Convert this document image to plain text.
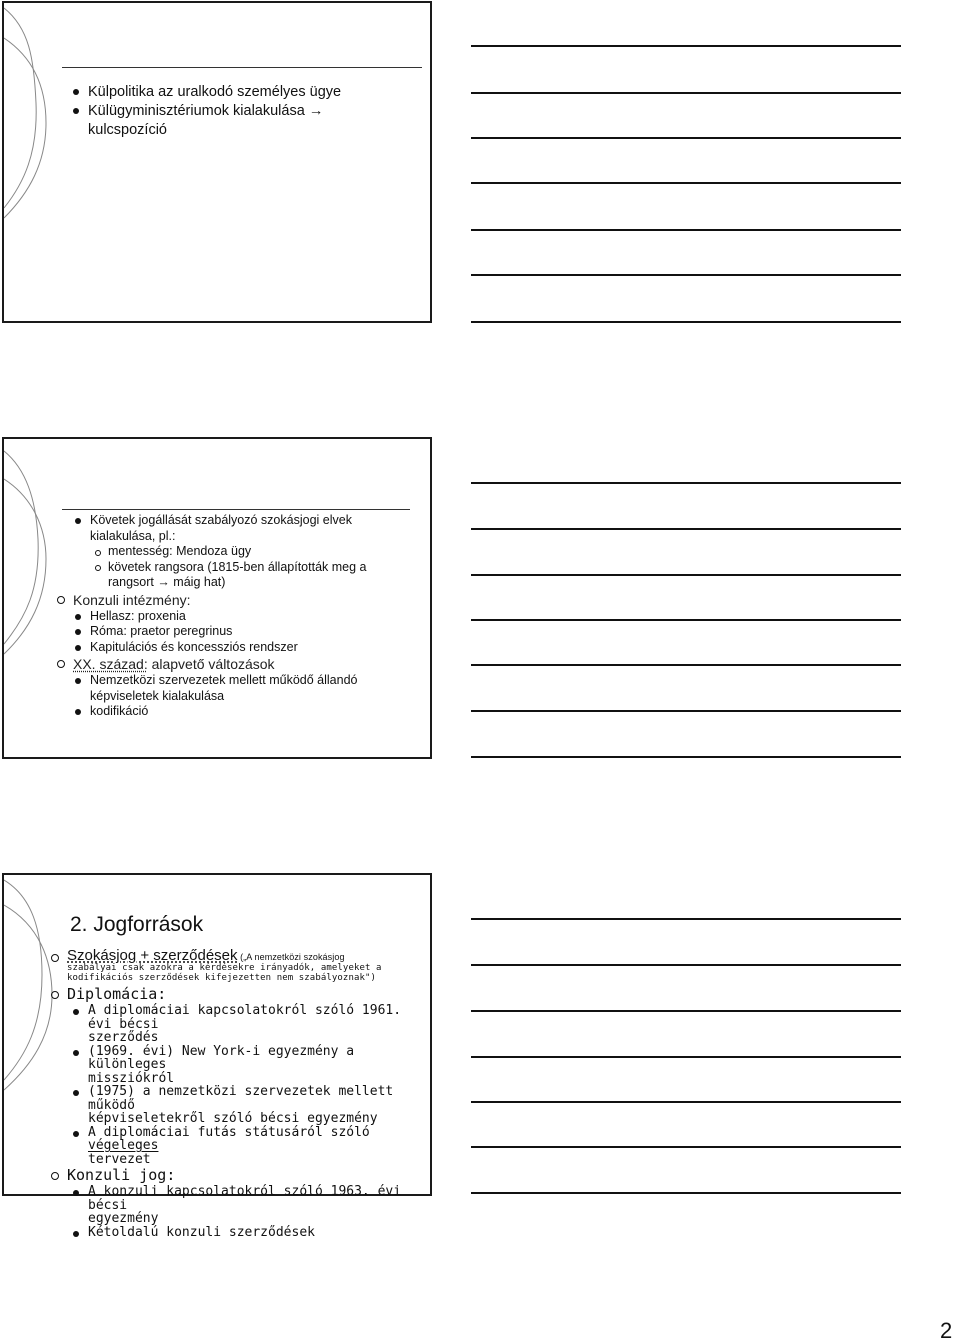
Külpolitika az uralkodó személyes ügye
Külügyminisztériumok kialakulása →
kulcspozíció
Követek jogállását szabályozó szokásjogi elvek
kialakulása, pl.:
mentesség: Mendoza ügy
követek rangsora (1815-ben állapították meg a
rangsort → máig hat)
Konzuli intézmény:
Hellasz: proxenia
Róma: praetor peregrinus
Kapitulációs és koncessziós rendszer
XX. század: alapvető változások
Nemzetközi szervezetek mellett működő állandó
képviseletek kialakulása
kodifikáció
2. Jogforrások
Szokásjog + szerződések („A nemzetközi szokásjog
szabályai csak azokra a kérdésekre irányadók, amelyeket a
kodifikációs szerződések kifejezetten nem szabályoznak")
Diplomácia:
A diplomáciai kapcsolatokról szóló 1961. évi bécsi
szerződés
(1969. évi) New York-i egyezmény a különleges
missziókról
(1975) a nemzetközi szervezetek mellett működő
képviseletekről szóló bécsi egyezmény
A diplomáciai futás státusáról szóló végeleges
tervezet
Konzuli jog:
A konzuli kapcsolatokról szóló 1963. évi bécsi
egyezmény
Kétoldalú konzuli szerződések
2
